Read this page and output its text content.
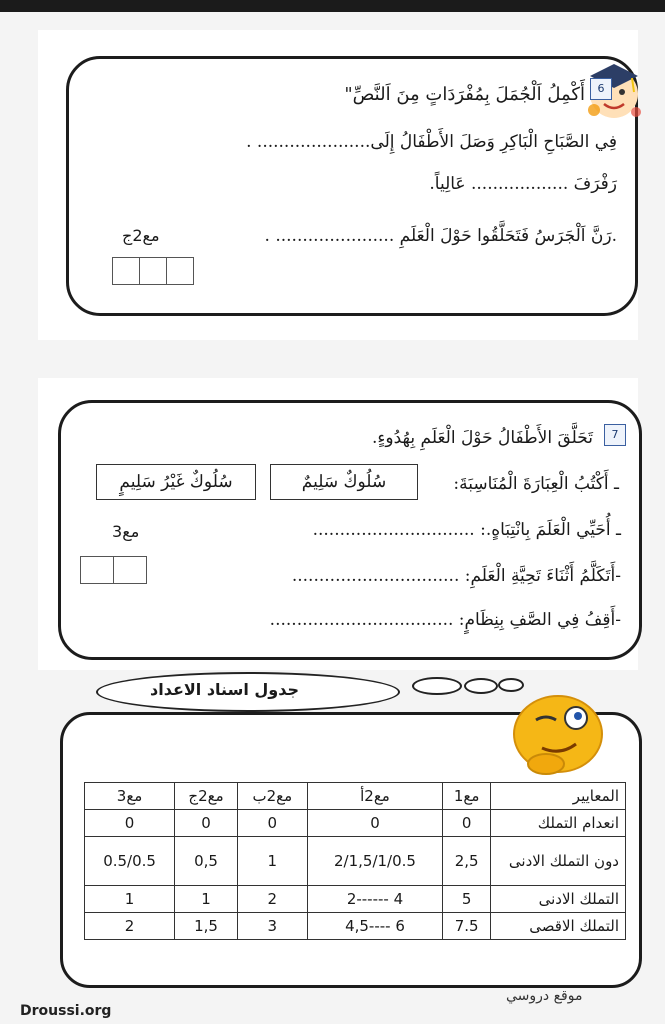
6
أَكْمِلُ اَلْجُمَلَ بِمُفْرَدَاتٍ مِنَ اَلنَّصِّ"
فِي الصَّبَاحِ الْبَاكِرِ وَصَلَ الأَطْفَالُ إِلَى..................... .
رَفْرَفَ .................. عَالِياً.
.رَنَّ اَلْجَرَسُ فَتَحَلَّقُوا حَوْلَ الْعَلَمِ ...................... .
مع2ج
7
تَحَلَّقَ الأَطْفَالُ حَوْلَ الْعَلَمِ بِهُدُوءٍ.
ـ أَكْتُبُ الْعِبَارَةَ الْمُنَاسِبَةَ:
سُلُوكٌ سَلِيمٌ
سُلُوكٌ غَيْرُ سَلِيمٍ
ـ أُحَيِّي الْعَلَمَ بِانْتِبَاهٍ.: ..............................
مع3
-أَتَكَلَّمُ أَثْنَاءَ تَحِيَّةِ الْعَلَمِ: ...............................
-أَقِفُ فِي الصَّفِ بِنِظَامٍ: ..................................
جدول اسناد الاعداد
المعايير	مع1	مع2أ	مع2ب	مع2ج	مع3
انعدام التملك	0	0	0	0	0
دون التملك الادنى	2,5	2/1,5/1/0.5	1	0,5	0.5/0.5
التملك الادنى	5	4 ------2	2	1	1
التملك الاقصى	7.5	6 ----4,5	3	1,5	2
موقع دروسي
Droussi.org
